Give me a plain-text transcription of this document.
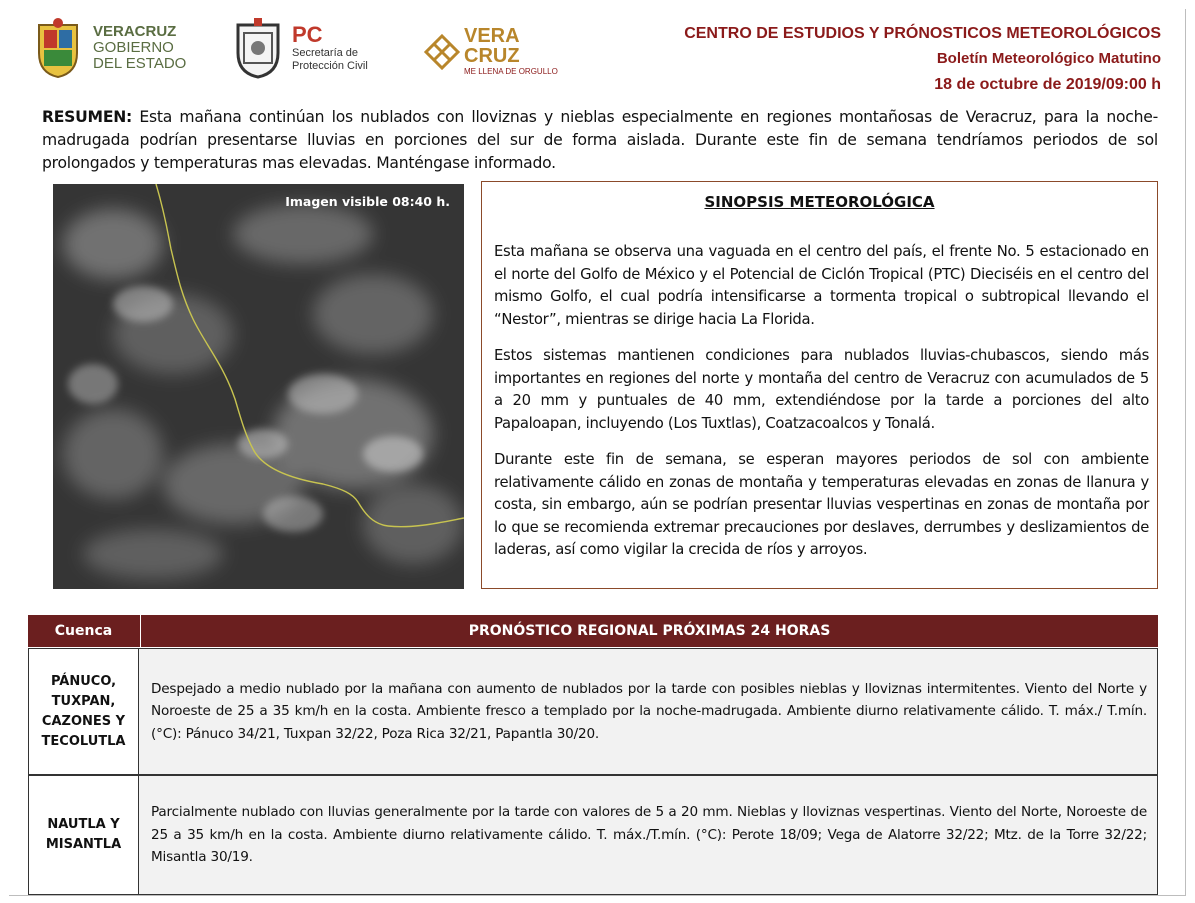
VERACRUZ
GOBIERNO
DEL ESTADO
PC
Secretaría de
Protección Civil
VERA
CRUZ
ME LLENA DE ORGULLO
CENTRO DE ESTUDIOS Y PRÓNOSTICOS METEOROLÓGICOS
Boletín Meteorológico Matutino
18 de octubre de 2019/09:00 h
RESUMEN: Esta mañana continúan los nublados con lloviznas y nieblas especialmente en regiones montañosas de Veracruz, para la noche-madrugada podrían presentarse lluvias en porciones del sur de forma aislada. Durante este fin de semana tendríamos periodos de sol prolongados y temperaturas mas elevadas. Manténgase informado.
Imagen visible 08:40 h.	SINOPSIS METEOROLÓGICA
Esta mañana se observa una vaguada en el centro del país, el frente No. 5 estacionado en el norte del Golfo de México y el Potencial de Ciclón Tropical (PTC) Dieciséis en el centro del mismo Golfo, el cual podría intensificarse a tormenta tropical o subtropical llevando el “Nestor”, mientras se dirige hacia La Florida.
Estos sistemas mantienen condiciones para nublados lluvias-chubascos, siendo más importantes en regiones del norte y montaña del centro de Veracruz con acumulados de 5 a 20 mm y puntuales de 40 mm, extendiéndose por la tarde a porciones del alto Papaloapan, incluyendo (Los Tuxtlas), Coatzacoalcos y Tonalá.
Durante este fin de semana, se esperan mayores periodos de sol con ambiente relativamente cálido en zonas de montaña y temperaturas elevadas en zonas de llanura y costa, sin embargo, aún se podrían presentar lluvias vespertinas en zonas de montaña por lo que se recomienda extremar precauciones por deslaves, derrumbes y deslizamientos de laderas, así como vigilar la crecida de ríos y arroyos.
Cuenca	PRONÓSTICO REGIONAL PRÓXIMAS 24 HORAS
PÁNUCO, TUXPAN, CAZONES Y TECOLUTLA
Despejado a medio nublado por la mañana con aumento de nublados por la tarde con posibles nieblas y lloviznas intermitentes. Viento del Norte y Noroeste de 25 a 35 km/h en la costa. Ambiente fresco a templado por la noche-madrugada. Ambiente diurno relativamente cálido. T. máx./ T.mín. (°C): Pánuco 34/21, Tuxpan 32/22, Poza Rica 32/21, Papantla 30/20.
NAUTLA Y MISANTLA
Parcialmente nublado con lluvias generalmente por la tarde con valores de 5 a 20 mm. Nieblas y lloviznas vespertinas. Viento del Norte, Noroeste de 25 a 35 km/h en la costa. Ambiente diurno relativamente cálido. T. máx./T.mín. (°C): Perote 18/09; Vega de Alatorre 32/22; Mtz. de la Torre 32/22; Misantla 30/19.
